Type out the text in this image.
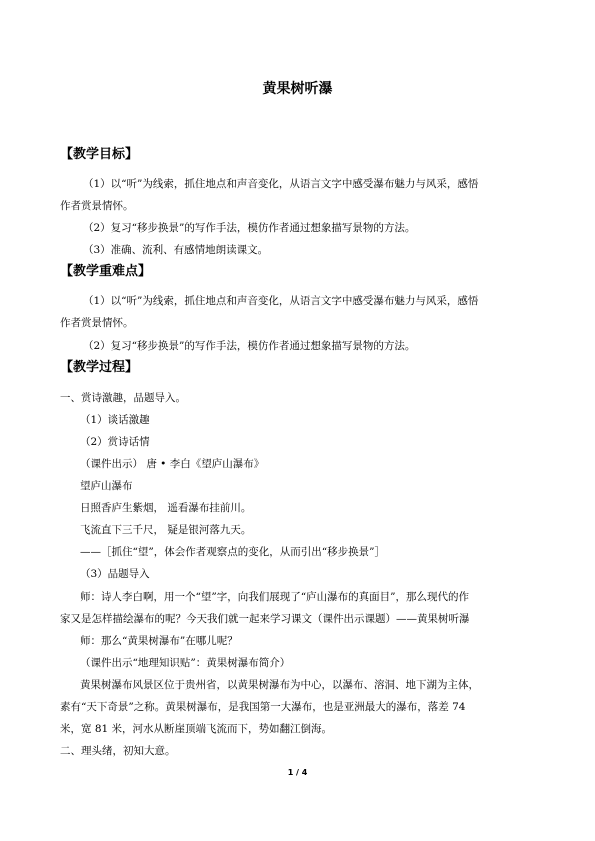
黄果树听瀑
【教学目标】
（1）以“听”为线索，抓住地点和声音变化，从语言文字中感受瀑布魅力与风采，感悟
作者赏景情怀。
（2）复习“移步换景”的写作手法，模仿作者通过想象描写景物的方法。
（3）准确、流利、有感情地朗读课文。
【教学重难点】
（1）以“听”为线索，抓住地点和声音变化，从语言文字中感受瀑布魅力与风采，感悟
作者赏景情怀。
（2）复习“移步换景”的写作手法，模仿作者通过想象描写景物的方法。
【教学过程】
一、赏诗激趣，品题导入。
（1）谈话激趣
（2）赏诗话情
（课件出示） 唐 • 李白《望庐山瀑布》
望庐山瀑布
日照香庐生紫烟， 遥看瀑布挂前川。
飞流直下三千尺， 疑是银河落九天。
——［抓住“望”，体会作者观察点的变化，从而引出“移步换景”］
（3）品题导入
师：诗人李白啊，用一个“望”字，向我们展现了“庐山瀑布的真面目”，那么现代的作
家又是怎样描绘瀑布的呢？今天我们就一起来学习课文（课件出示课题）——黄果树听瀑
师：那么“黄果树瀑布”在哪儿呢？
（课件出示“地理知识贴”：黄果树瀑布简介）
黄果树瀑布风景区位于贵州省，以黄果树瀑布为中心，以瀑布、溶洞、地下湖为主体，
素有“天下奇景”之称。黄果树瀑布，是我国第一大瀑布，也是亚洲最大的瀑布，落差 74
米，宽 81 米，河水从断崖顶端飞流而下，势如翻江倒海。
二、理头绪，初知大意。
1 / 4
